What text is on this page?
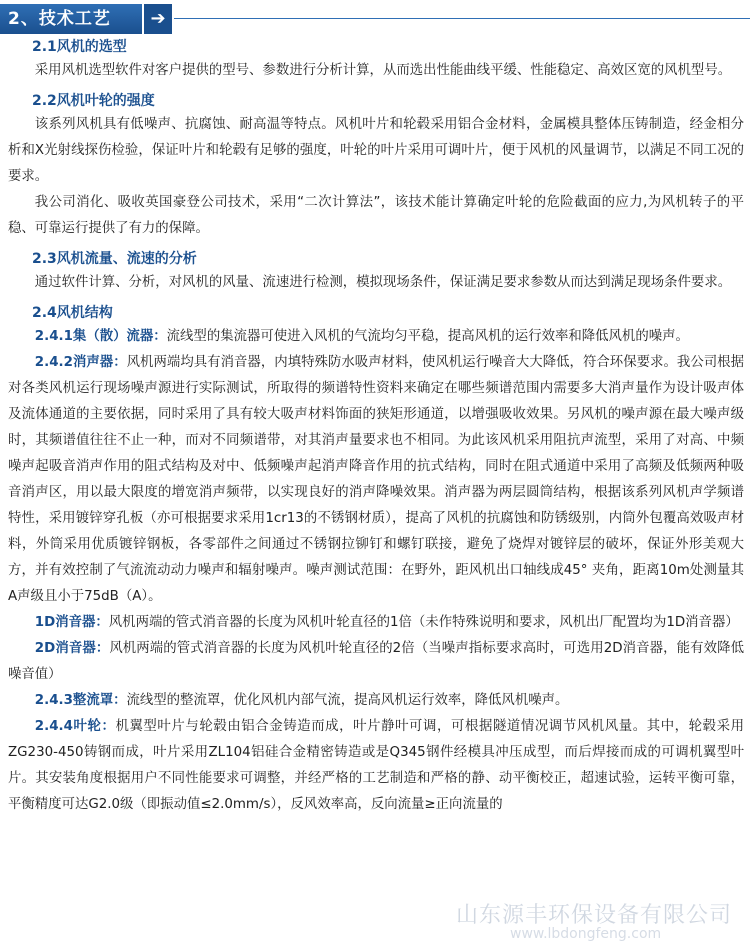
2、技术工艺	➔
2.1风机的选型

采用风机选型软件对客户提供的型号、参数进行分析计算，从而选出性能曲线平缓、性能稳定、高效区宽的风机型号。

2.2风机叶轮的强度

该系列风机具有低噪声、抗腐蚀、耐高温等特点。风机叶片和轮毂采用铝合金材料，金属模具整体压铸制造，经金相分析和X光射线探伤检验，保证叶片和轮毂有足够的强度，叶轮的叶片采用可调叶片，便于风机的风量调节，以满足不同工况的要求。

我公司消化、吸收英国豪登公司技术，采用“二次计算法”，该技术能计算确定叶轮的危险截面的应力,为风机转子的平稳、可靠运行提供了有力的保障。

2.3风机流量、流速的分析

通过软件计算、分析，对风机的风量、流速进行检测，模拟现场条件，保证满足要求参数从而达到满足现场条件要求。

2.4风机结构

2.4.1集（散）流器：流线型的集流器可使进入风机的气流均匀平稳，提高风机的运行效率和降低风机的噪声。

2.4.2消声器：风机两端均具有消音器，内填特殊防水吸声材料，使风机运行噪音大大降低，符合环保要求。我公司根据对各类风机运行现场噪声源进行实际测试，所取得的频谱特性资料来确定在哪些频谱范围内需要多大消声量作为设计吸声体及流体通道的主要依据，同时采用了具有较大吸声材料饰面的狭矩形通道，以增强吸收效果。另风机的噪声源在最大噪声级时，其频谱值往往不止一种，而对不同频谱带，对其消声量要求也不相同。为此该风机采用阻抗声流型，采用了对高、中频噪声起吸音消声作用的阻式结构及对中、低频噪声起消声降音作用的抗式结构，同时在阻式通道中采用了高频及低频两种吸音消声区，用以最大限度的增宽消声频带，以实现良好的消声降噪效果。消声器为两层圆筒结构，根据该系列风机声学频谱特性，采用镀锌穿孔板（亦可根据要求采用1cr13的不锈钢材质），提高了风机的抗腐蚀和防锈级别，内筒外包覆高效吸声材料，外筒采用优质镀锌钢板，各零部件之间通过不锈钢拉铆钉和螺钉联接，避免了烧焊对镀锌层的破坏，保证外形美观大方，并有效控制了气流流动动力噪声和辐射噪声。噪声测试范围：在野外，距风机出口轴线成45° 夹角，距离10m处测量其A声级且小于75dB（A）。

1D消音器：风机两端的管式消音器的长度为风机叶轮直径的1倍（未作特殊说明和要求，风机出厂配置均为1D消音器）

2D消音器：风机两端的管式消音器的长度为风机叶轮直径的2倍（当噪声指标要求高时，可选用2D消音器，能有效降低噪音值）

2.4.3整流罩：流线型的整流罩，优化风机内部气流，提高风机运行效率，降低风机噪声。

2.4.4叶轮：机翼型叶片与轮毂由铝合金铸造而成，叶片静叶可调，可根据隧道情况调节风机风量。其中，轮毂采用ZG230-450铸钢而成，叶片采用ZL104铝硅合金精密铸造或是Q345钢件经模具冲压成型，而后焊接而成的可调机翼型叶片。其安装角度根据用户不同性能要求可调整，并经严格的工艺制造和严格的静、动平衡校正，超速试验，运转平衡可靠，平衡精度可达G2.0级（即振动值≤2.0mm/s），反风效率高，反向流量≥正向流量的

山东源丰环保设备有限公司
www.lbdongfeng.com
